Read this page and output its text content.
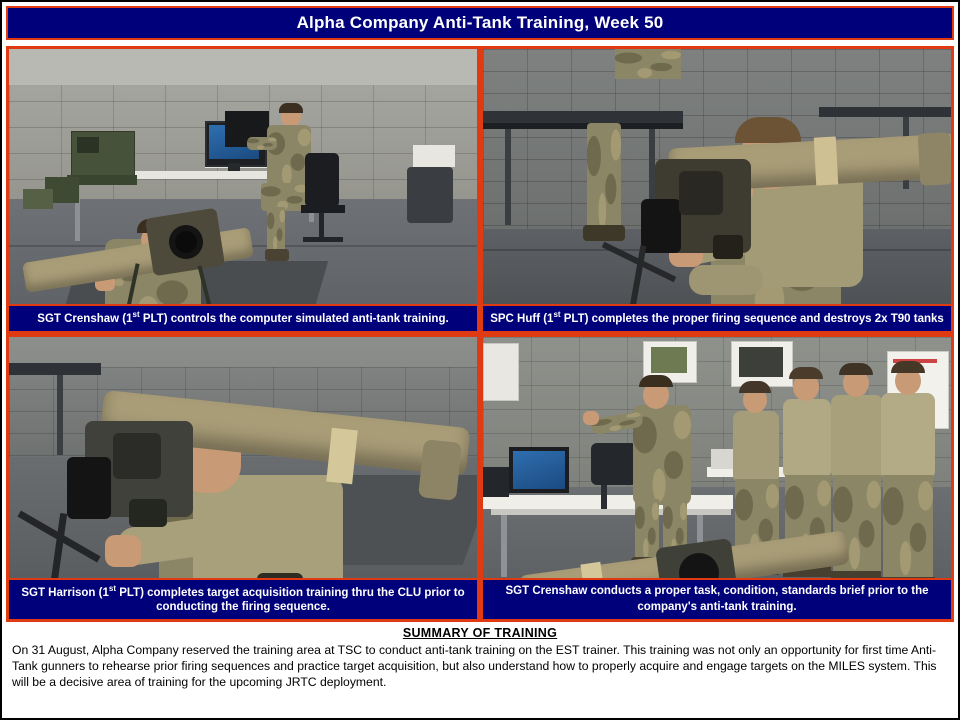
Alpha Company Anti-Tank Training, Week 50
SGT Crenshaw (1st PLT) controls the computer simulated anti-tank training.	SPC Huff (1st PLT) completes the proper firing sequence and destroys 2x T90 tanks
SGT Harrison (1st PLT) completes target acquisition training thru the CLU prior to conducting the firing sequence.
SGT Crenshaw conducts a proper task, condition, standards brief prior to the company's anti-tank training.
SUMMARY OF TRAINING
On 31 August, Alpha Company reserved the training area at TSC to conduct anti-tank training on the EST trainer. This training was not only an opportunity for first time Anti-Tank gunners to rehearse prior firing sequences and practice target acquisition, but also understand how to properly acquire and engage targets on the MILES system. This will be a decisive area of training for the upcoming JRTC deployment.
